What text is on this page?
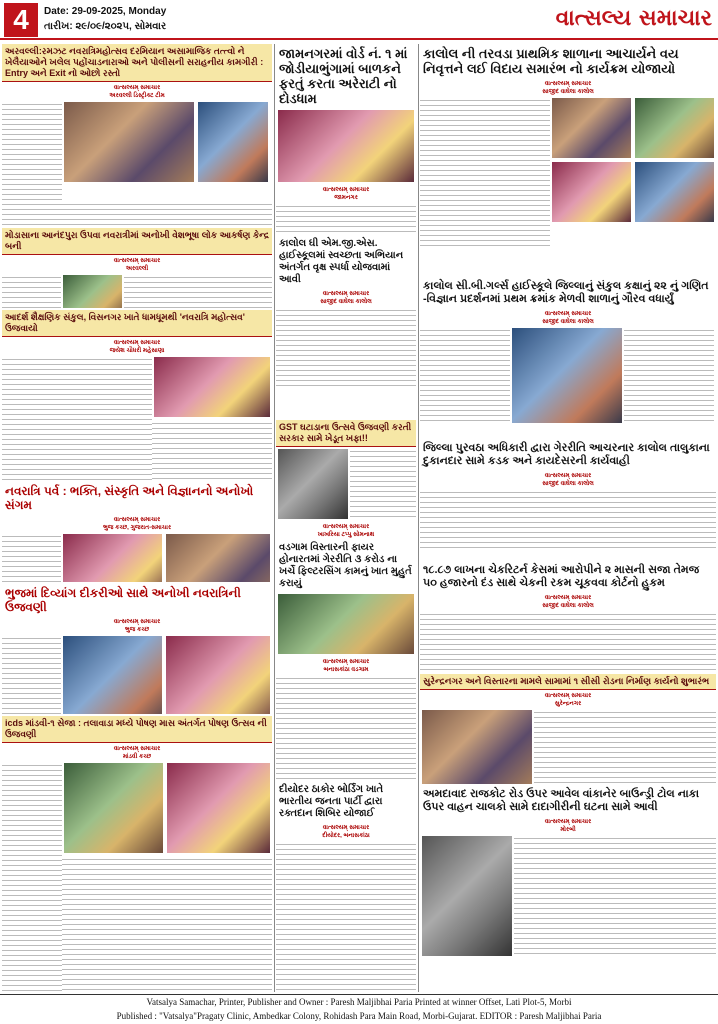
4	Date: 29-09-2025, Monday
તારીખ: ૨૯/૦૯/૨૦૨૫, સોમવાર	વાત્સલ્ય સમાચાર
અરવલ્લી:રમઝટ નવરાત્રિમહોત્સવ દરમિયાન અસામાજિક તત્ત્વો ને ખેલૈયાઓને ખલેલ પહોંચાડનારાઓ અને પોલીસની સરાહનીય કામગીરી : Entry અને Exit નો ઓછો રસ્તો
વાત્સલ્યમ્ સમાચાર
અરવલ્લી ડિસ્ટ્રીક્ટ ટીમ
જામનગરમાં વોર્ડ નં. ૧ માં જોડીયાભુંગામાં બાળકને ફરતું કરતા અરેરાટી નો દોડધામ
વાત્સલ્યમ્ સમાચાર
જામનગર
કાલોલ ની તરવડા પ્રાથમિક શાળાના આચાર્યને વય નિવૃત્તને લઈ વિદાય સમારંભ નો કાર્યક્રમ યોજાયો
વાત્સલ્યમ્ સમાચાર
સાજીદ વાઘેલા કાલોલ
મોડાસાના આનંદપુરા ઉપવા નવરાત્રીમાં અનોખી વેશભૂષા લોક આકર્ષણ કેન્દ્ર બની
વાત્સલ્યમ્ સમાચાર
અરવલ્લી
કાલોલ ઘી એમ.જી.એસ. હાઈસ્કૂલમાં સ્વચ્છતા અભિયાન અંતર્ગત વૃક્ષ સ્પર્ધા યોજવામાં આવી
વાત્સલ્યમ્ સમાચાર
સાજીદ વાઘેલા કાલોલ
કાલોલ સી.બી.ગર્લ્સ હાઈસ્કૂલે જિલ્લાનું સંકુલ કક્ષાનું ૨૨ નું ગણિત -વિજ્ઞાન પ્રદર્શનમાં પ્રથમ ક્રમાંક મેળવી શાળાનું ગૌરવ વધાર્યું
વાત્સલ્યમ્ સમાચાર
સાજીદ વાઘેલા કાલોલ
આદર્શ શૈક્ષણિક સંકુલ, વિસનગર ખાતે ધામધૂમથી 'નવરાત્રિ મહોત્સવ' ઉજવાયો
વાત્સલ્યમ્ સમાચાર
જયેશ ચૌધરી મહેસાણા
GST ઘટાડાના ઉત્સવે ઉજવણી કરતી સરકાર સામે ખેડૂત ખફા!!
વાત્સલ્યમ્ સમાચાર
ખાખરિયા ટપ્પુ સોમનાથ
જિલ્લા પુરવઠા અધિકારી દ્વારા ગેરરીતિ આચરનાર કાલોલ તાલુકાના દુકાનદાર સામે કડક અને કાયદેસરની કાર્યવાહી
વાત્સલ્યમ્ સમાચાર
સાજીદ વાઘેલા કાલોલ
નવરાત્રિ પર્વ : ભક્તિ, સંસ્કૃતિ અને વિજ્ઞાનનો અનોખો સંગમ
વાત્સલ્યમ્ સમાચાર
ભુજ કચ્છ, ગુજરાત-સમાચાર
વડગામ વિસ્તારની ફાયર હોનારતમાં ગેરરીતિ ૩ કરોડ ના ખર્ચે ફિલ્ટરસિંગ કામનું ખાત મુહુર્ત કરાયું
વાત્સલ્યમ્ સમાચાર
બનાસકાંઠા વડગામ
૧૮.૮૭ લાખના ચેકરિટર્ન કેસમાં આરોપીને ૨ માસની સજા તેમજ ૫૦ હજારનો દંડ સાથે ચેકની રકમ ચૂકવવા કોર્ટનો હુકમ
વાત્સલ્યમ્ સમાચાર
સાજીદ વાઘેલા કાલોલ
ભુજમાં દિવ્યાંગ દીકરીઓ સાથે અનોખી નવરાત્રિની ઉજવણી
વાત્સલ્યમ્ સમાચાર
ભુજ કચ્છ
સુરેન્દ્રનગર અને વિસ્તારના મામલે સામામાં ૧ સીસી રોડના નિર્માણ કાર્યનો શુભારંભ
વાત્સલ્યમ્ સમાચાર
સુરેન્દ્રનગર
icds માંડવી-૧ સેજા : તલાવાડા મધ્યે પોષણ માસ અંતર્ગત પોષણ ઉત્સવ ની ઉજવણી
વાત્સલ્યમ્ સમાચાર
માંડવી કચ્છ
દીયોદર ઠાકોર બોર્ડિંગ ખાતે ભારતીય જનતા પાર્ટી દ્વારા રક્તદાન શિબિર યોજાઈ
વાત્સલ્યમ્ સમાચાર
દીયોદર, બનાસકાંઠા
અમદાવાદ રાજકોટ રોડ ઉપર આવેલ વાંકાનેર બાઉન્ડ્રી ટોલ નાકા ઉપર વાહન ચાલકો સામે દાદાગીરીની ઘટના સામે આવી
વાત્સલ્યમ્ સમાચાર
મોરબી
Vatsalya Samachar, Printer, Publisher and Owner : Paresh Maljibhai Paria Printed at winner Offset, Lati Plot-5, Morbi
Published : "Vatsalya"Pragaty Clinic, Ambedkar Colony, Rohidash Para Main Road, Morbi-Gujarat. EDITOR : Paresh Maljibhai Paria
